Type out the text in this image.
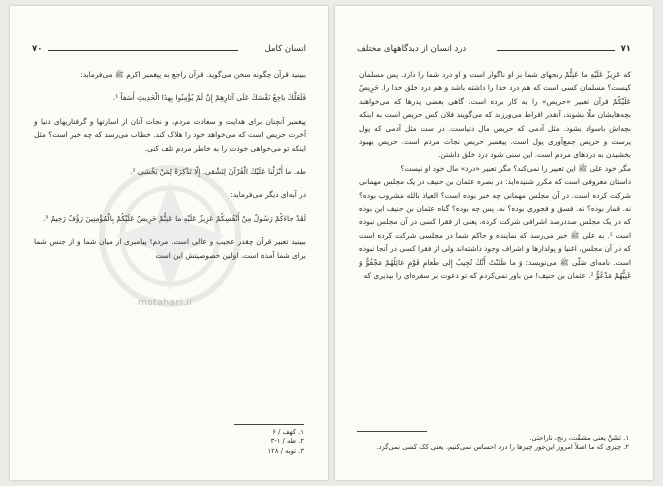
۷۰	انسان کامل
motahari.ir

ببینید قرآن چگونه سخن می‌گوید. قرآن راجع به پیغمبر اکرم ﷺ می‌فرماید:

فَلَعَلَّكَ باخِعٌ نَفْسَكَ عَلَى آثارِهِمْ إِنْ لَمْ يُؤْمِنُوا بِهذَا الْحَدِيثِ أَسَفاً ¹.

پیغمبر آنچنان برای هدایت و سعادت مردم، و نجات آنان از اسارتها و گرفتاریهای دنیا و آخرت حریص است که می‌خواهد خود را هلاک کند. خطاب می‌رسد که چه خبر است؟ مثل اینکه تو می‌خواهی خودت را به خاطر مردم تلف کنی.

طه. ما أَنْزَلْنا عَلَيْكَ الْقُرْآنَ لِتَشْقى. إِلّا تَذْكِرَةً لِمَنْ يَخْشى ².

در آیه‌ای دیگر می‌فرماید:

لَقَدْ جاءَكُمْ رَسُولٌ مِنْ أَنْفُسِكُمْ عَزِيزٌ عَلَيْهِ ما عَنِتُّمْ حَرِيصٌ عَلَيْكُمْ بِالْمُؤْمِنِينَ رَؤُفٌ رَحِيمٌ ³.

ببینید تعبیر قرآن چقدر عجیب و عالی است. مردم! پیامبری از میان شما و از جنس شما برای شما آمده است. اولین خصوصیتش این است

۱. کهف / ۶
۲. طه / ۱-۳
۳. توبه / ۱۲۸
درد انسان از دیدگاههای مختلف	۷۱

که عَزِيزٌ عَلَيْهِ ما عَنِتُّمْ رنجهای شما بر او ناگوار است و او درد شما را دارد. پس مسلمان کیست؟ مسلمان کسی است که هم درد خدا را داشته باشد و هم درد خلق خدا را. حَرِيصٌ عَلَيْكُمْ قرآن تعبیر «حریص» را به کار برده است. گاهی بعضی پدرها که می‌خواهند بچه‌هایشان ملّا بشوند، آنقدر افراط می‌ورزند که می‌گویند فلان کس حریص است به اینکه بچه‌اش باسواد بشود. مثل آدمی که حریص مال دنیاست. در ست مثل آدمی که پول پرست و حریص جمع‌آوری پول است. پیغمبر حریص نجات مردم است. حریص بهبود بخشیدن به دردهای مردم است. این سنی شود درد خلق داشتن.

مگر خود علی ﷺ این تعبیر را نمی‌کند؟ مگر تعبیر «درد» مال خود او نیست؟

داستان معروفی است که مکرر شنیده‌اید: در بصره عثمان بن حنیف در یک مجلس مهمانی شرکت کرده است. در آن مجلس مهمانی چه خبر بوده است؟ العیاذ بالله مشروب بوده؟ نه. قمار بوده؟ نه. فسق و فجوری بوده؟ نه. پس چه بوده؟ گناه عثمان بن حنیف این بوده که در یک مجلس صددرصد اشرافی شرکت کرده، یعنی از فقرا کسی در آن مجلس نبوده است ¹. به علی ﷺ خبر می‌رسد که نماینده و حاکم شما در مجلسی شرکت کرده است که در آن مجلس، اغنیا و پولدارها و اشراف وجود داشته‌اند ولی از فقرا کسی در آنجا نبوده است. نامه‌ای صَلّى ﷺ می‌نویسد: وَ ما ظَنَنْتُ أَنَّكَ تُجِيبُ إِلى طَعامِ قَوْمٍ عائِلُهُمْ مَجْفُوٌّ وَ غَنِيُّهُمْ مَدْعُوٌّ ². عثمان بن حنیف! من باور نمی‌کردم که تو دعوت بر سفره‌ای را بپذیری که

۱. نَشَنَّ یعنی مشقّت، رنج، ناراحتی.
۲. چیزی که ما اصلاً امروز این‌جور چیزها را درد احساس نمی‌کنیم. یعنی کک کسی نمی‌گزد.
